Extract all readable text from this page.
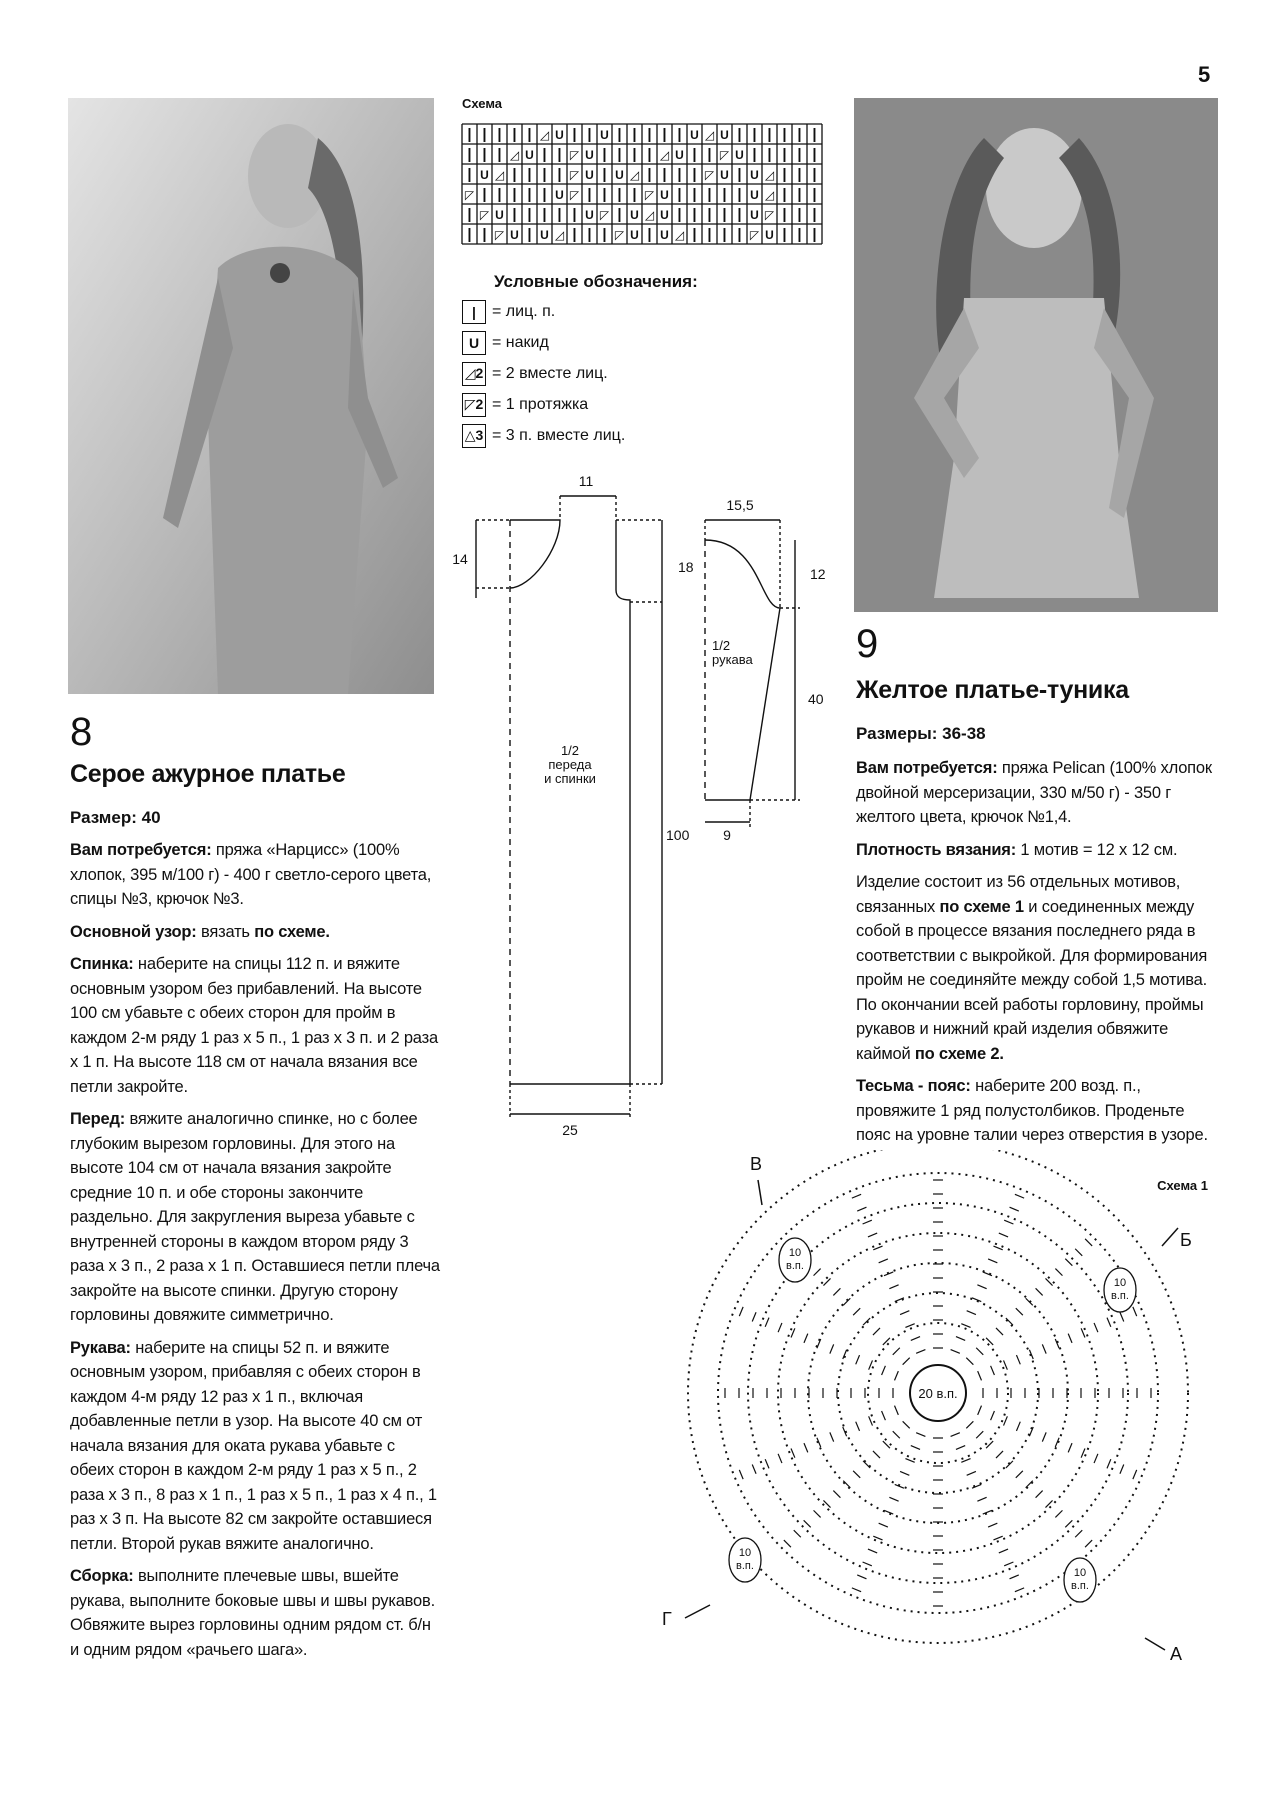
5
8
Серое ажурное платье
Размер: 40

Вам потребуется: пряжа «Нарцисс» (100% хлопок, 395 м/100 г) - 400 г светло-серого цвета, спицы №3, крючок №3.

Основной узор: вязать по схеме.

Спинка: наберите на спицы 112 п. и вяжите основным узором без прибавлений. На высоте 100 см убавьте с обеих сторон для пройм в каждом 2-м ряду 1 раз х 5 п., 1 раз х 3 п. и 2 раза х 1 п. На высоте 118 см от начала вязания все петли закройте.

Перед: вяжите аналогично спинке, но с более глубоким вырезом горловины. Для этого на высоте 104 см от начала вязания закройте средние 10 п. и обе стороны закончите раздельно. Для закругления выреза убавьте с внутренней стороны в каждом втором ряду 3 раза х 3 п., 2 раза х 1 п. Оставшиеся петли плеча закройте на высоте спинки. Другую сторону горловины довяжите симметрично.

Рукава: наберите на спицы 52 п. и вяжите основным узором, прибавляя с обеих сторон в каждом 4-м ряду 12 раз х 1 п., включая добавленные петли в узор. На высоте 40 см от начала вязания для оката рукава убавьте с обеих сторон в каждом 2-м ряду 1 раз х 5 п., 2 раза х 3 п., 8 раз х 1 п., 1 раз х 5 п., 1 раз х 4 п., 1 раз х 3 п. На высоте 82 см закройте оставшиеся петли. Второй рукав вяжите аналогично.

Сборка: выполните плечевые швы, вшейте рукава, выполните боковые швы и швы рукавов. Обвяжите вырез горловины одним рядом ст. б/н и одним рядом «рачьего шага».

Схема
| | | | | ◿ U | | U | | | | | U ◿ U | | | | | |
| | | ◿ U | | ◸ U | | | | ◿ U | | ◸ U | | | | |
| U ◿ | | | | ◸ U | U ◿ | | | | ◸ U | U ◿ | | |
◸ | | | | | U ◸ | | | | ◸ U | | | | | U ◿ | | |
| ◸ U | | | | | U ◸ | U ◿ U | | | | | U ◸ | | |
| | ◸ U | U ◿ | | | ◸ U | U ◿ | | | | ◸ U | | |
Условные обозначения:
|	= лиц. п.
U = накид
◿2 = 2 вместе лиц.
◸2 = 1 протяжка
△3 = 3 п. вместе лиц.
11
14	18
100
25
1/2
переда
и спинки
15,5
12
40
9
1/2
рукава	9
Желтое платье-туника
Размеры: 36-38

Вам потребуется: пряжа Pelican (100% хлопок двойной мерсеризации, 330 м/50 г) - 350 г желтого цвета, крючок №1,4.

Плотность вязания: 1 мотив = 12 х 12 см.

Изделие состоит из 56 отдельных мотивов, связанных по схеме 1 и соединенных между собой в процессе вязания последнего ряда в соответствии с выкройкой. Для формирования пройм не соединяйте между собой 1,5 мотива. По окончании всей работы горловину, проймы рукавов и нижний край изделия обвяжите каймой по схеме 2.

Тесьма - пояс: наберите 200 возд. п., провяжите 1 ряд полустолбиков. Проденьте пояс на уровне талии через отверстия в узоре.

20 в.п.
10
в.п.
10
в.п.
10
в.п.
10
в.п.
В
Б
Г
А
Схема 1
